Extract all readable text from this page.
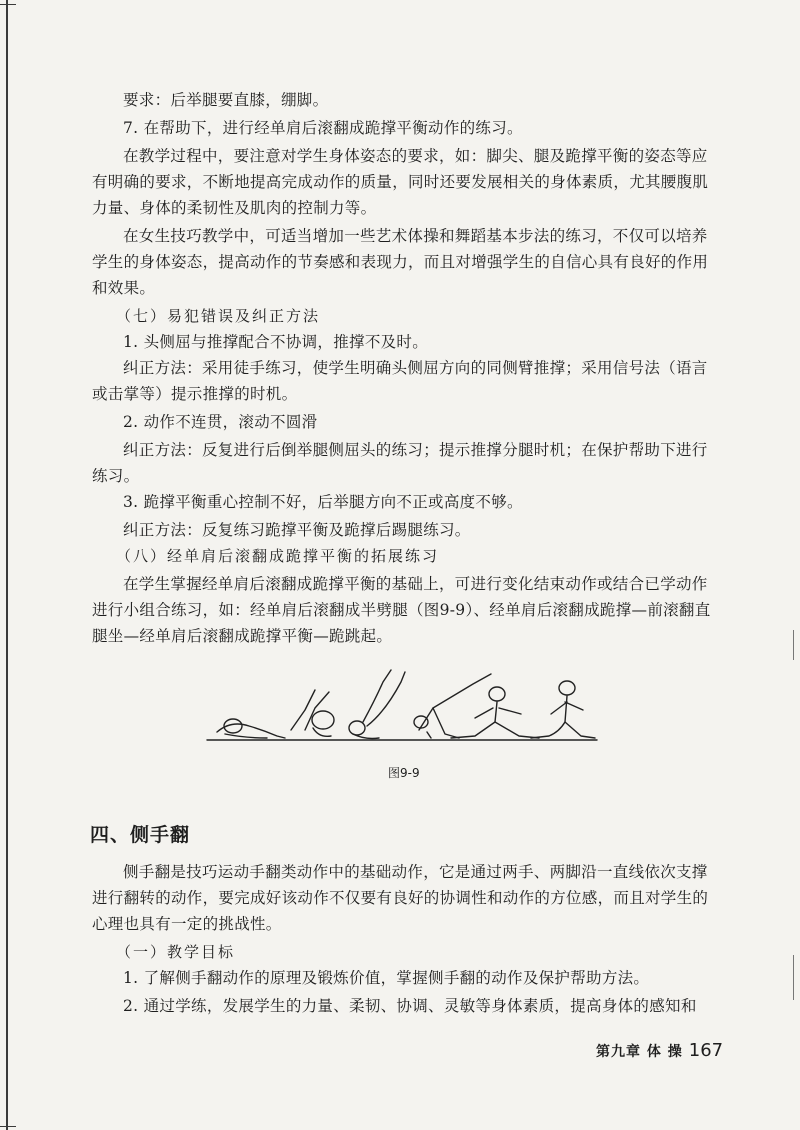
要求：后举腿要直膝，绷脚。
7. 在帮助下，进行经单肩后滚翻成跪撑平衡动作的练习。
在教学过程中，要注意对学生身体姿态的要求，如：脚尖、腿及跪撑平衡的姿态等应
有明确的要求，不断地提高完成动作的质量，同时还要发展相关的身体素质，尤其腰腹肌
力量、身体的柔韧性及肌肉的控制力等。
在女生技巧教学中，可适当增加一些艺术体操和舞蹈基本步法的练习，不仅可以培养
学生的身体姿态，提高动作的节奏感和表现力，而且对增强学生的自信心具有良好的作用
和效果。
（七）易犯错误及纠正方法
1. 头侧屈与推撑配合不协调，推撑不及时。
纠正方法：采用徒手练习，使学生明确头侧屈方向的同侧臂推撑；采用信号法（语言
或击掌等）提示推撑的时机。
2. 动作不连贯，滚动不圆滑
纠正方法：反复进行后倒举腿侧屈头的练习；提示推撑分腿时机；在保护帮助下进行
练习。
3. 跪撑平衡重心控制不好，后举腿方向不正或高度不够。
纠正方法：反复练习跪撑平衡及跪撑后踢腿练习。
（八）经单肩后滚翻成跪撑平衡的拓展练习
在学生掌握经单肩后滚翻成跪撑平衡的基础上，可进行变化结束动作或结合已学动作
进行小组合练习，如：经单肩后滚翻成半劈腿（图9-9）、经单肩后滚翻成跪撑—前滚翻直
腿坐—经单肩后滚翻成跪撑平衡—跪跳起。
图9-9
四、侧手翻
侧手翻是技巧运动手翻类动作中的基础动作，它是通过两手、两脚沿一直线依次支撑
进行翻转的动作，要完成好该动作不仅要有良好的协调性和动作的方位感，而且对学生的
心理也具有一定的挑战性。
（一）教学目标
1. 了解侧手翻动作的原理及锻炼价值，掌握侧手翻的动作及保护帮助方法。
2. 通过学练，发展学生的力量、柔韧、协调、灵敏等身体素质，提高身体的感知和
第九章 体 操 167
